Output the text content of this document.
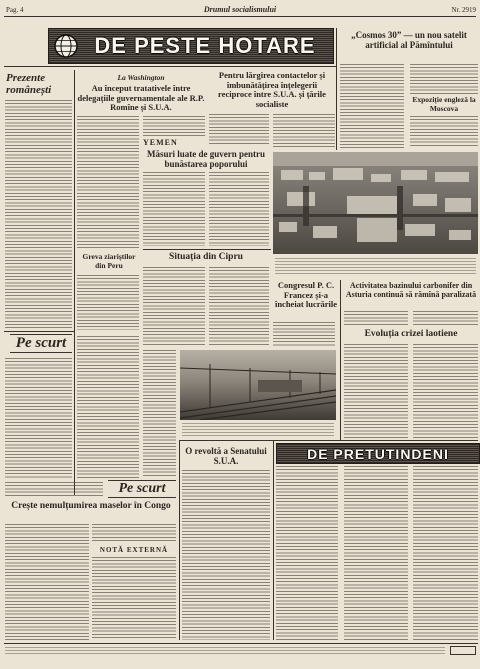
Pag. 4	Drumul socialismului	Nr. 2919
DE PESTE HOTARE	„Cosmos 30” — un nou satelit artificial al Pămîntului
Expoziție engleză la Moscova
Prezente românești
La Washington
Au început tratativele între delegațiile guvernamentale ale R.P. Romîne și S.U.A.
Pentru lărgirea contactelor și îmbunătățirea înțelegerii reciproce între S.U.A. și țările socialiste
YEMEN
Măsuri luate de guvern pentru bunăstarea poporului
Greva ziariștilor din Peru
Situația din Cipru
Congresul P. C. Francez și-a încheiat lucrările
Activitatea bazinului carbonifer din Asturia continuă să rămînă paralizată
Evoluția crizei laotiene
Pe scurt
Pe scurt
Crește nemulțumirea maselor în Congo
NOTĂ EXTERNĂ
O revoltă a Senatului S.U.A.	DE PRETUTINDENI
